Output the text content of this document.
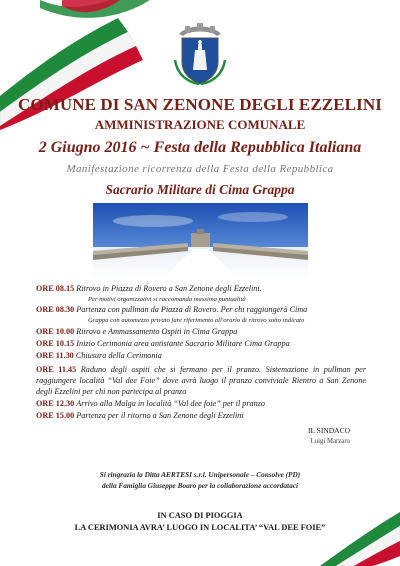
COMUNE DI SAN ZENONE DEGLI EZZELINI
AMMINISTRAZIONE COMUNALE
2 Giugno 2016 ~ Festa della Repubblica Italiana
Manifestazione ricorrenza della Festa della Repubblica
Sacrario Militare di Cima Grappa
ORE 08.15 Ritrovo in Piazza di Rovero a San Zenone degli Ezzelini.
Per motivi organizzativi si raccomanda massima puntualità
ORE 08.30 Partenza con pullman da Piazza di Rovero. Per chi raggiungerà Cima
Grappa con automezzo privato fare riferimento all'orario di ritrovo sotto indicato
ORE 10.00 Ritrovo e Ammassamento Ospiti in Cima Grappa
ORE 10.15 Inizio Cerimonia area antistante Sacrario Militare Cima Grappa
ORE 11.30 Chiusura della Cerimonia
ORE 11.45 Raduno degli ospiti che si fermano per il pranzo. Sistemazione in pullman per raggiungere località “Val dee Foie” dove avrà luogo il pranzo conviviale Rientro a San Zenone degli Ezzelini per chi non partecipa al pranzo
ORE 12.30 Arrivo alla Malga in località “Val dee foie” per il pranzo
ORE 15.00 Partenza per il ritorno a San Zenone degli Ezzelini
IL SINDACO
Luigi Marzaro
Si ringrazia la Ditta AERTESI s.r.l. Unipersonale – Consolve (PD)
della Famiglia Giuseppe Boaro per la collaborazione accordataci
IN CASO DI PIOGGIA
LA CERIMONIA AVRA’ LUOGO IN LOCALITA’ “VAL DEE FOIE”
